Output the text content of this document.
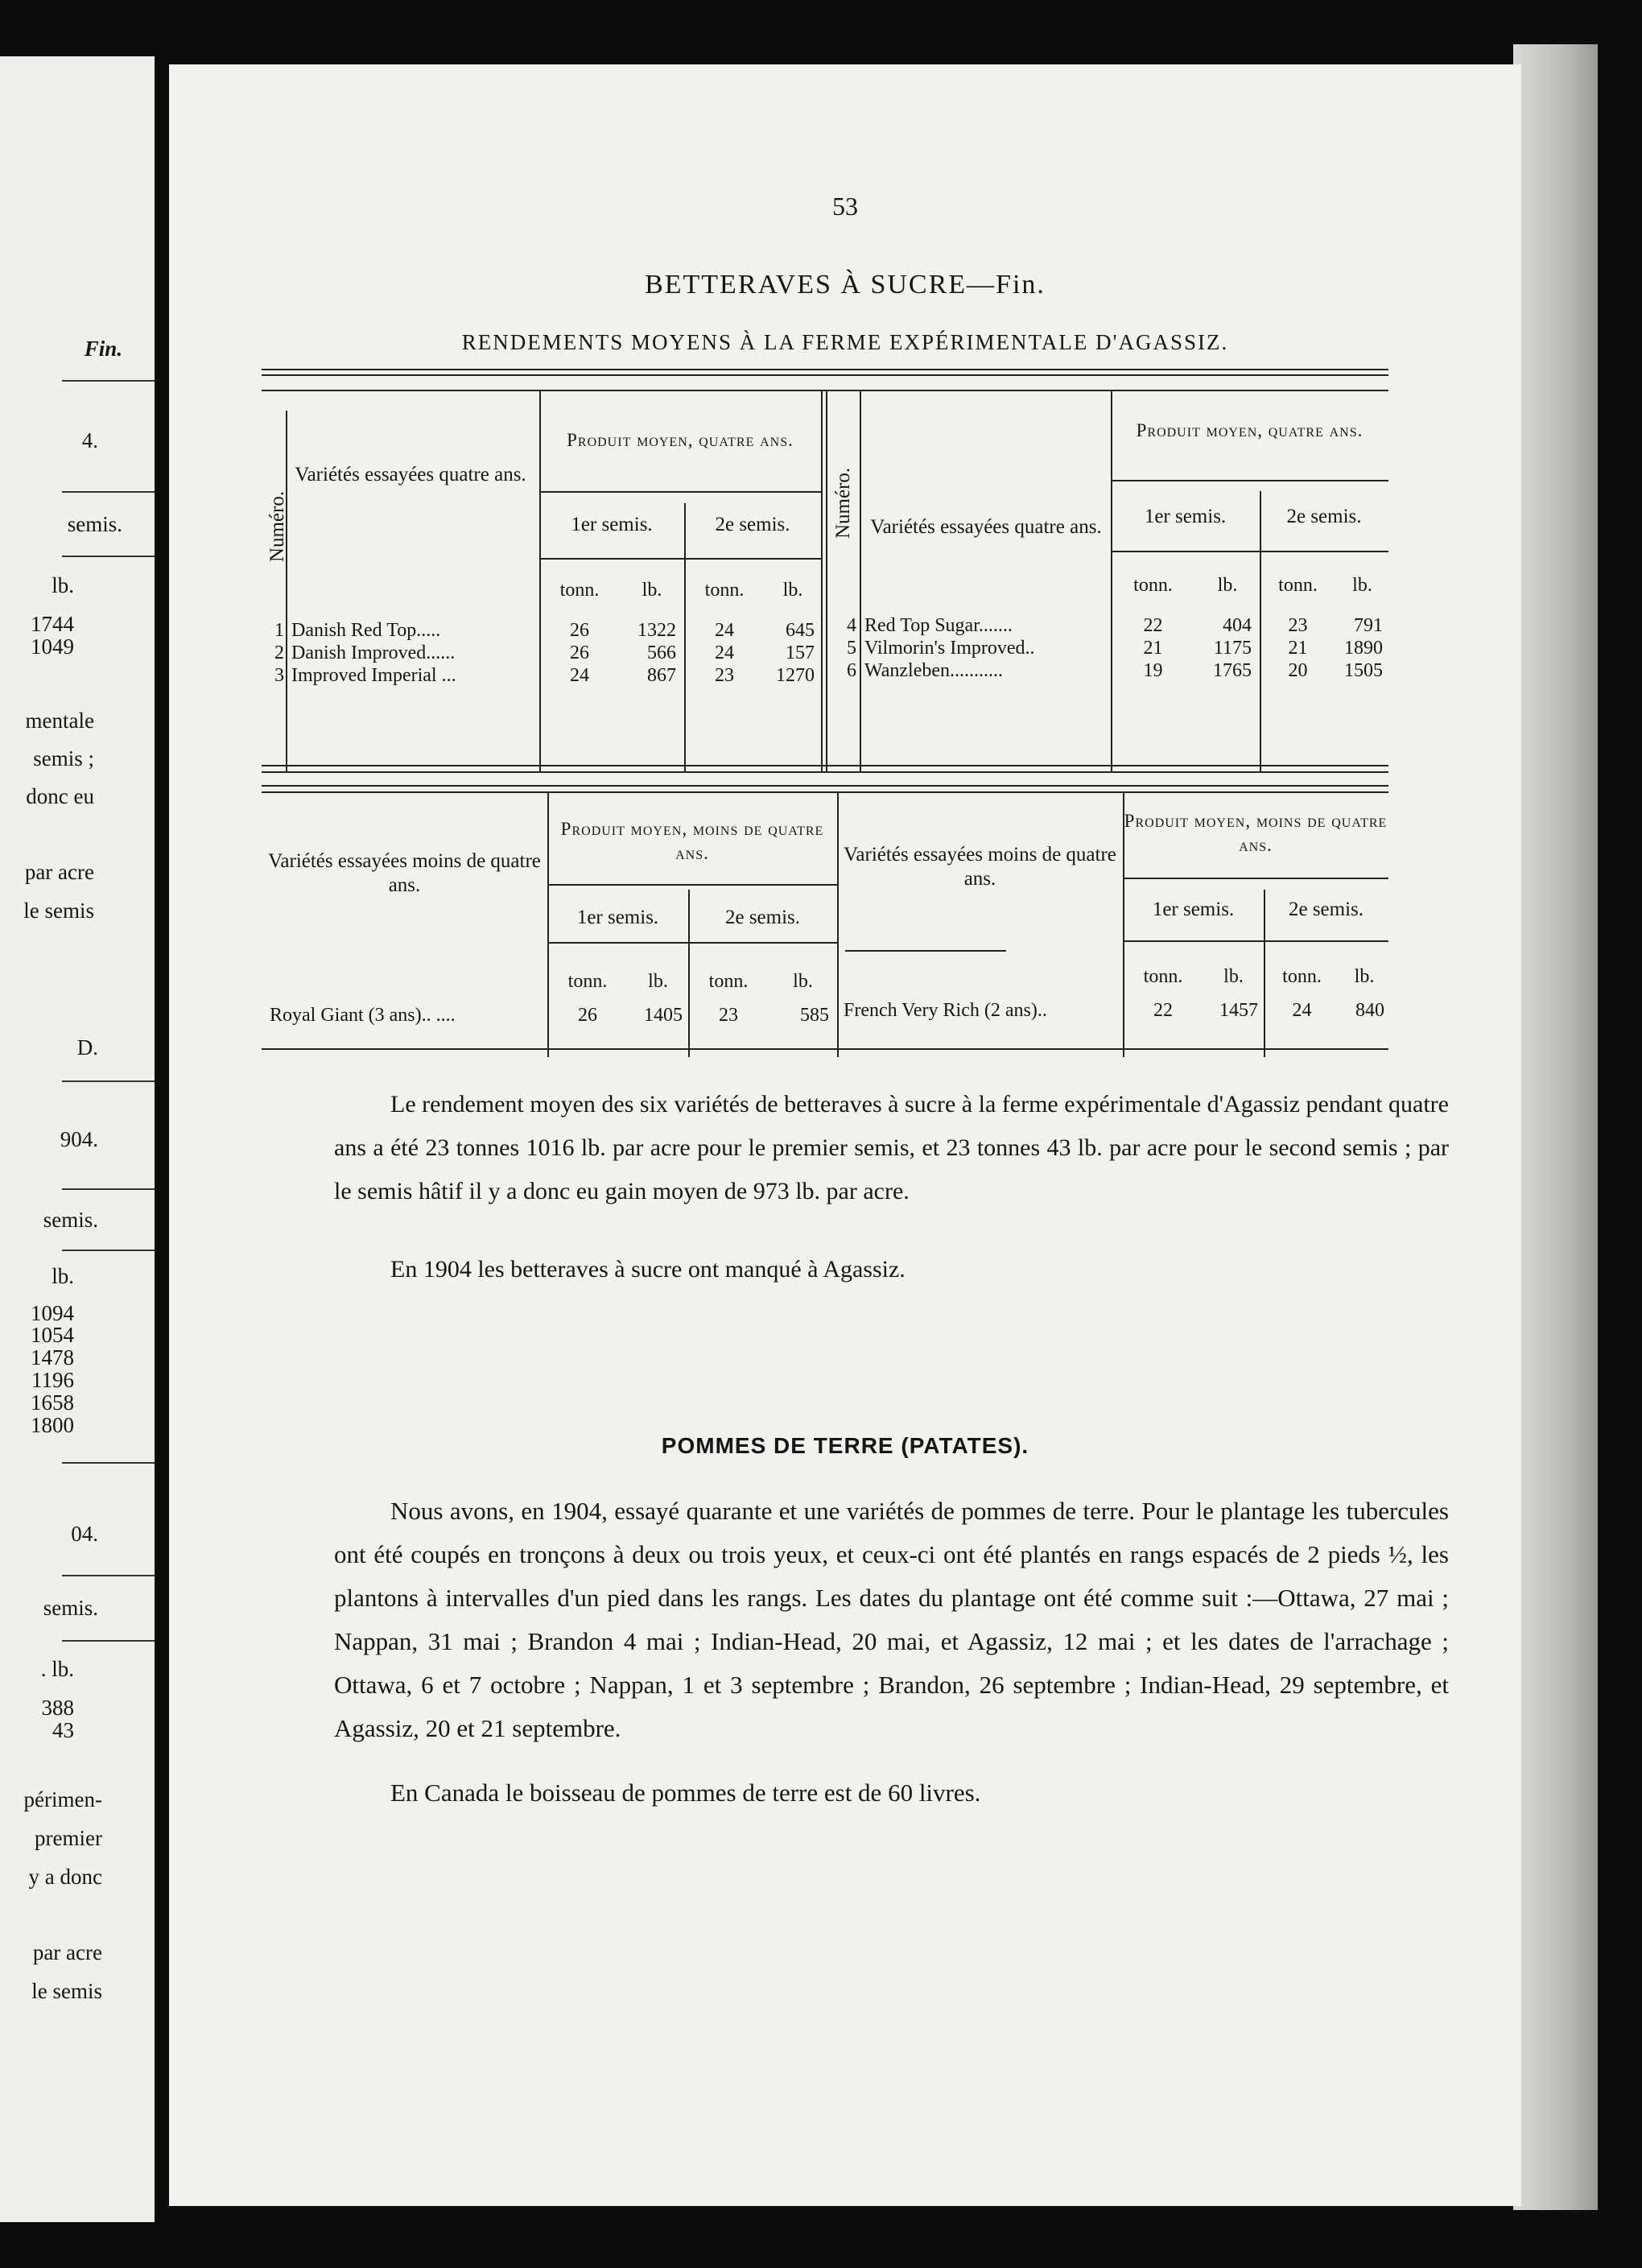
Fin.
4.
semis.
lb.
1744
1049
mentale
semis ;
donc eu
par acre
le semis
D.
904.
semis.
lb.
1094
1054
1478
1196
1658
1800
04.
semis.
. lb.
388
43
périmen-
premier
y a donc
par acre
le semis
53
BETTERAVES À SUCRE—Fin.
RENDEMENTS MOYENS À LA FERME EXPÉRIMENTALE D'AGASSIZ.
Numéro.
Variétés essayées quatre ans.
Produit moyen, quatre ans.
1er semis.	2e semis.	Numéro. Variétés essayées quatre ans.
Produit moyen, quatre ans.
1er semis.	2e semis.
tonn.	lb.	tonn.	lb.	tonn.	lb.	tonn.	lb.
1 Danish Red Top.....	26	1322	24	645
2 Danish Improved......	26	566	24	157
3 Improved Imperial ...	24	867	23	1270
4 Red Top Sugar.......	22	404	23	791
5 Vilmorin's Improved..	21	1175	21	1890
6 Wanzleben...........	19	1765	20	1505
Variétés essayées moins de quatre ans.
Produit moyen, moins de quatre ans.
1er semis.	2e semis.
Variétés essayées moins de quatre ans.
Produit moyen, moins de quatre ans.
1er semis.	2e semis.
tonn.	lb.	tonn.	lb.	tonn.	lb.	tonn.	lb.
Royal Giant (3 ans).. ....	26	1405	23	585 French Very Rich (2 ans)..	22	1457	24	840
Le rendement moyen des six variétés de betteraves à sucre à la ferme expérimentale d'Agassiz pendant quatre ans a été 23 tonnes 1016 lb. par acre pour le premier semis, et 23 tonnes 43 lb. par acre pour le second semis ; par le semis hâtif il y a donc eu gain moyen de 973 lb. par acre.
En 1904 les betteraves à sucre ont manqué à Agassiz.
POMMES DE TERRE (PATATES).
Nous avons, en 1904, essayé quarante et une variétés de pommes de terre. Pour le plantage les tubercules ont été coupés en tronçons à deux ou trois yeux, et ceux-ci ont été plantés en rangs espacés de 2 pieds ½, les plantons à intervalles d'un pied dans les rangs. Les dates du plantage ont été comme suit :—Ottawa, 27 mai ; Nappan, 31 mai ; Brandon 4 mai ; Indian-Head, 20 mai, et Agassiz, 12 mai ; et les dates de l'arrachage ; Ottawa, 6 et 7 octobre ; Nappan, 1 et 3 septembre ; Brandon, 26 septembre ; Indian-Head, 29 septembre, et Agassiz, 20 et 21 septembre.
En Canada le boisseau de pommes de terre est de 60 livres.
